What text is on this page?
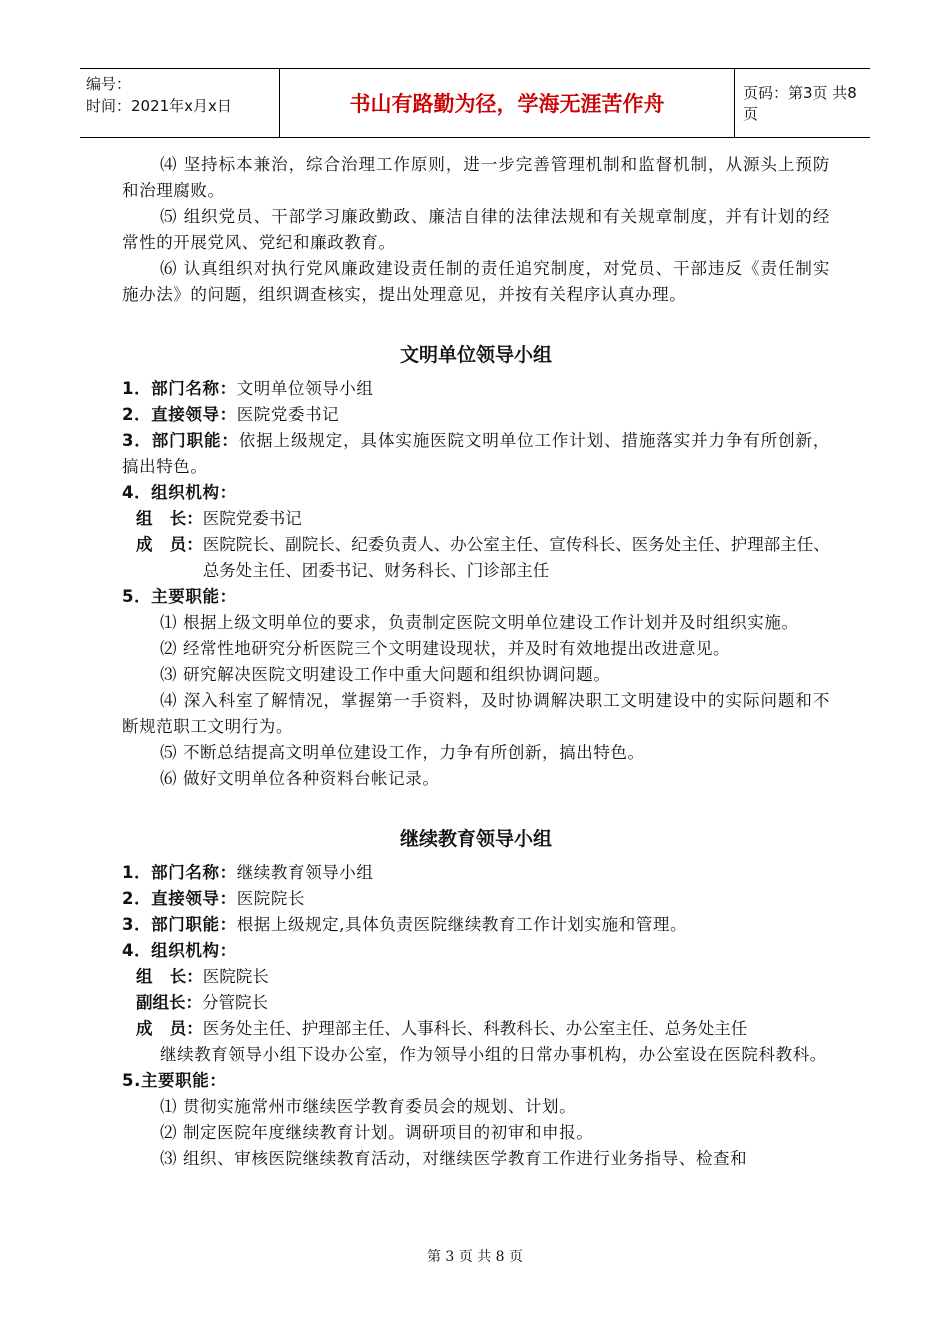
编号：
时间：2021年x月x日	书山有路勤为径，学海无涯苦作舟	页码：第3页 共8页

⑷ 坚持标本兼治，综合治理工作原则，进一步完善管理机制和监督机制，从源头上预防和治理腐败。

⑸ 组织党员、干部学习廉政勤政、廉洁自律的法律法规和有关规章制度，并有计划的经常性的开展党风、党纪和廉政教育。

⑹ 认真组织对执行党风廉政建设责任制的责任追究制度，对党员、干部违反《责任制实施办法》的问题，组织调查核实，提出处理意见，并按有关程序认真办理。

文明单位领导小组

1．部门名称：文明单位领导小组

2．直接领导：医院党委书记

3．部门职能：依据上级规定，具体实施医院文明单位工作计划、措施落实并力争有所创新，搞出特色。

4．组织机构：

组   长： 医院党委书记
成   员： 医院院长、副院长、纪委负责人、办公室主任、宣传科长、医务处主任、护理部主任、总务处主任、团委书记、财务科长、门诊部主任

5．主要职能：

⑴ 根据上级文明单位的要求，负责制定医院文明单位建设工作计划并及时组织实施。

⑵ 经常性地研究分析医院三个文明建设现状，并及时有效地提出改进意见。

⑶ 研究解决医院文明建设工作中重大问题和组织协调问题。

⑷ 深入科室了解情况，掌握第一手资料，及时协调解决职工文明建设中的实际问题和不断规范职工文明行为。

⑸ 不断总结提高文明单位建设工作，力争有所创新，搞出特色。

⑹ 做好文明单位各种资料台帐记录。

继续教育领导小组

1．部门名称：继续教育领导小组

2．直接领导：医院院长

3．部门职能：根据上级规定,具体负责医院继续教育工作计划实施和管理。

4．组织机构：

组   长： 医院院长
副组长： 分管院长
成   员： 医务处主任、护理部主任、人事科长、科教科长、办公室主任、总务处主任

继续教育领导小组下设办公室，作为领导小组的日常办事机构，办公室设在医院科教科。

5.主要职能：

⑴ 贯彻实施常州市继续医学教育委员会的规划、计划。

⑵ 制定医院年度继续教育计划。调研项目的初审和申报。

⑶ 组织、审核医院继续教育活动，对继续医学教育工作进行业务指导、检查和

第 3 页 共 8 页
